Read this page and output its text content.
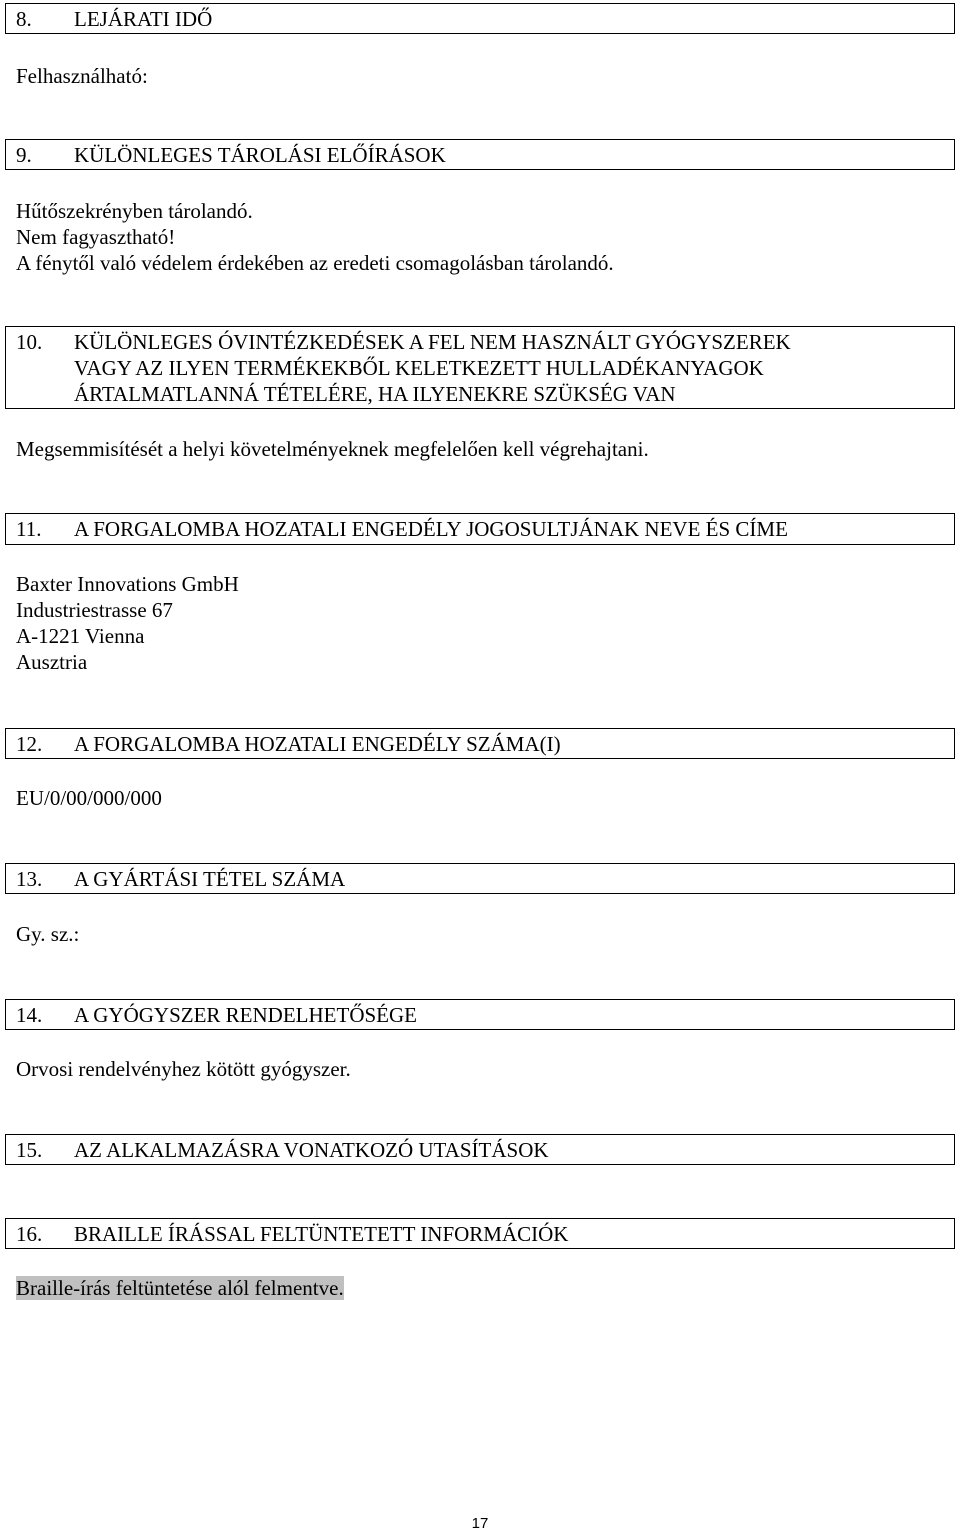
8. LEJÁRATI IDŐ
Felhasználható:
9. KÜLÖNLEGES TÁROLÁSI ELŐÍRÁSOK
Hűtőszekrényben tárolandó.
Nem fagyasztható!
A fénytől való védelem érdekében az eredeti csomagolásban tárolandó.
10. KÜLÖNLEGES ÓVINTÉZKEDÉSEK A FEL NEM HASZNÁLT GYÓGYSZEREK
VAGY AZ ILYEN TERMÉKEKBŐL KELETKEZETT HULLADÉKANYAGOK
ÁRTALMATLANNÁ TÉTELÉRE, HA ILYENEKRE SZÜKSÉG VAN
Megsemmisítését a helyi követelményeknek megfelelően kell végrehajtani.
11. A FORGALOMBA HOZATALI ENGEDÉLY JOGOSULTJÁNAK NEVE ÉS CÍME
Baxter Innovations GmbH
Industriestrasse 67
A-1221 Vienna
Ausztria
12. A FORGALOMBA HOZATALI ENGEDÉLY SZÁMA(I)
EU/0/00/000/000
13. A GYÁRTÁSI TÉTEL SZÁMA
Gy. sz.:
14. A GYÓGYSZER RENDELHETŐSÉGE
Orvosi rendelvényhez kötött gyógyszer.
15. AZ ALKALMAZÁSRA VONATKOZÓ UTASÍTÁSOK
16. BRAILLE ÍRÁSSAL FELTÜNTETETT INFORMÁCIÓK
Braille-írás feltüntetése alól felmentve.
17
